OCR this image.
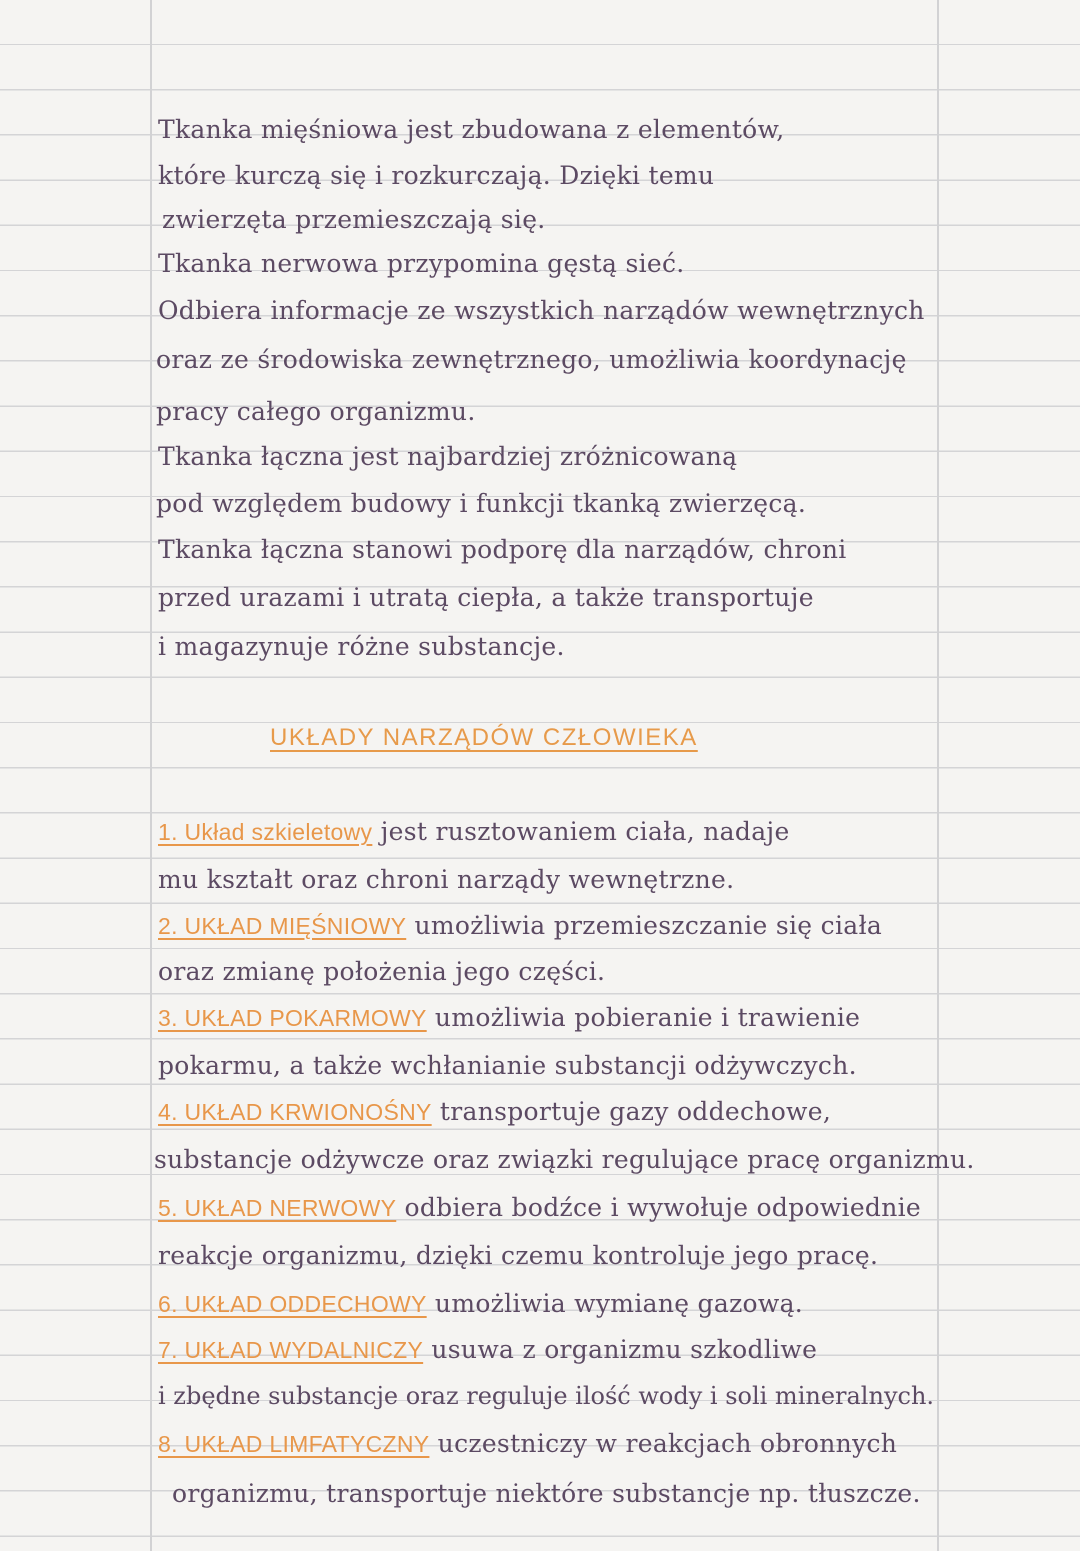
Tkanka mięśniowa jest zbudowana z elementów,
które kurczą się i rozkurczają. Dzięki temu
zwierzęta przemieszczają się.
Tkanka nerwowa przypomina gęstą sieć.
Odbiera informacje ze wszystkich narządów wewnętrznych
oraz ze środowiska zewnętrznego, umożliwia koordynację
pracy całego organizmu.
Tkanka łączna jest najbardziej zróżnicowaną
pod względem budowy i funkcji tkanką zwierzęcą.
Tkanka łączna stanowi podporę dla narządów, chroni
przed urazami i utratą ciepła, a także transportuje
i magazynuje różne substancje.
UKŁADY NARZĄDÓW CZŁOWIEKA
1. Układ szkieletowy jest rusztowaniem ciała, nadaje
mu kształt oraz chroni narządy wewnętrzne.
2. UKŁAD MIĘŚNIOWY umożliwia przemieszczanie się ciała
oraz zmianę położenia jego części.
3. UKŁAD POKARMOWY umożliwia pobieranie i trawienie
pokarmu, a także wchłanianie substancji odżywczych.
4. UKŁAD KRWIONOŚNY transportuje gazy oddechowe,
substancje odżywcze oraz związki regulujące pracę organizmu.
5. UKŁAD NERWOWY odbiera bodźce i wywołuje odpowiednie
reakcje organizmu, dzięki czemu kontroluje jego pracę.
6. UKŁAD ODDECHOWY umożliwia wymianę gazową.
7. UKŁAD WYDALNICZY usuwa z organizmu szkodliwe
i zbędne substancje oraz reguluje ilość wody i soli mineralnych.
8. UKŁAD LIMFATYCZNY uczestniczy w reakcjach obronnych
organizmu, transportuje niektóre substancje np. tłuszcze.
